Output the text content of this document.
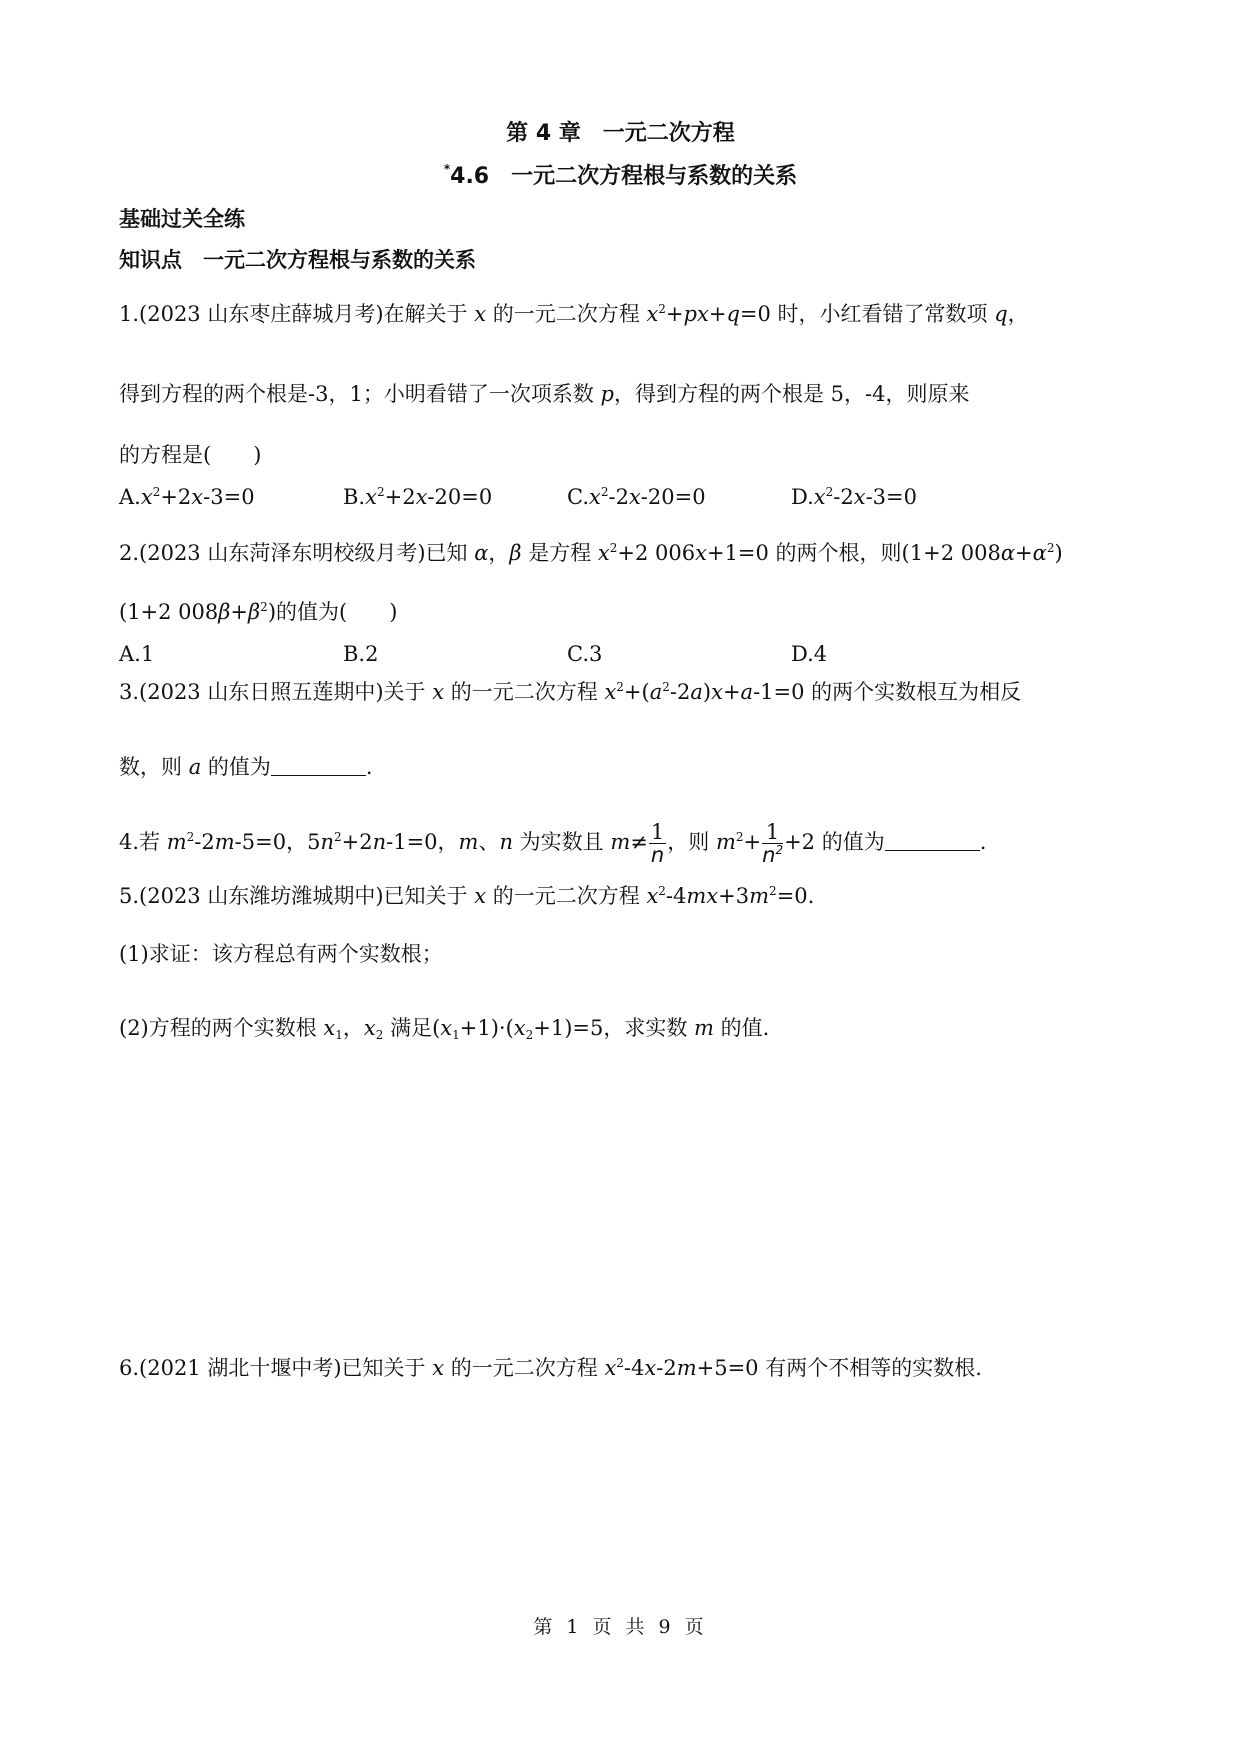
第 4 章　一元二次方程
*4.6　一元二次方程根与系数的关系
基础过关全练
知识点　一元二次方程根与系数的关系
1.(2023 山东枣庄薛城月考)在解关于 x 的一元二次方程 $x^2+px+q=0$ 时，小红看错了常数项 q，
得到方程的两个根是-3，1；小明看错了一次项系数 p，得到方程的两个根是 5，-4，则原来
的方程是(　　)
$A.x^2+2x-3=0$	$B.x^2+2x-20=0$	$C.x^2-2x-20=0$	$D.x^2-2x-3=0$
2.(2023 山东菏泽东明校级月考)已知 α，β 是方程 $x^2+2$ 006x+1=0 的两个根，则(1+2 $008\alpha+\alpha^2$)
(1+2 $008\beta+\beta^2$)的值为(　　)
A.1	B.2	C.3	D.4
3.(2023 山东日照五莲期中)关于 x 的一元二次方程 $x^2+(a^2-2a)x+a-1=0$ 的两个实数根互为相反
数，则 a 的值为	.
4.若 $m^2-2m-5=0$，$5n^2+2n-1=0$，m、n 为实数且 $m\ne \frac{1}{n}$ ，则 $m^2+ \frac{1}{n^2} +2$ 的值为	.
5.(2023 山东潍坊潍城期中)已知关于 x 的一元二次方程 $x^2-4mx+3m^2=0$.
(1)求证：该方程总有两个实数根；
(2)方程的两个实数根 $x_1$，$x_2$ 满足$(x_1+1)\cdot(x_2+1)=5$，求实数 m 的值.
6.(2021 湖北十堰中考)已知关于 x 的一元二次方程 $x^2-4x-2m+5=0$ 有两个不相等的实数根.
第 1 页 共 9 页
